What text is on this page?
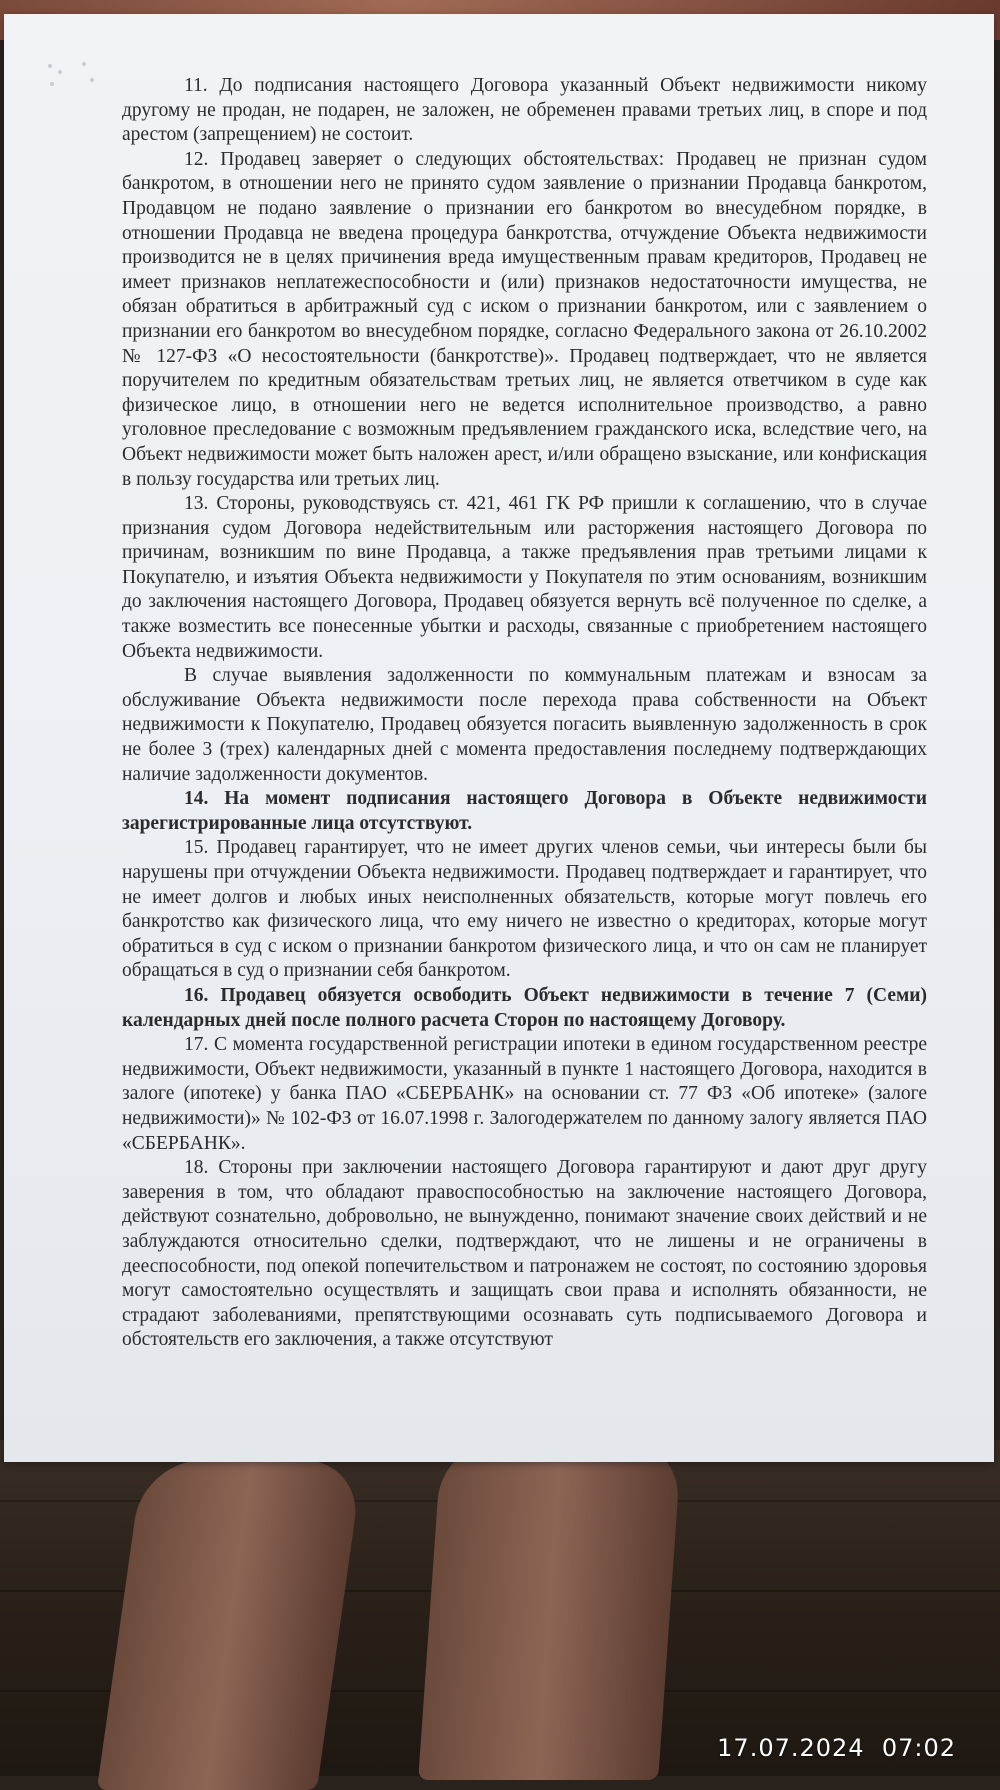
11. До подписания настоящего Договора указанный Объект недвижимости никому другому не продан, не подарен, не заложен, не обременен правами третьих лиц, в споре и под арестом (запрещением) не состоит.

12. Продавец заверяет о следующих обстоятельствах: Продавец не признан судом банкротом, в отношении него не принято судом заявление о признании Продавца банкротом, Продавцом не подано заявление о признании его банкротом во внесудебном порядке, в отношении Продавца не введена процедура банкротства, отчуждение Объекта недвижимости производится не в целях причинения вреда имущественным правам кредиторов, Продавец не имеет признаков неплатежеспособности и (или) признаков недостаточности имущества, не обязан обратиться в арбитражный суд с иском о признании банкротом, или с заявлением о признании его банкротом во внесудебном порядке, согласно Федерального закона от 26.10.2002 № 127-ФЗ «О несостоятельности (банкротстве)». Продавец подтверждает, что не является поручителем по кредитным обязательствам третьих лиц, не является ответчиком в суде как физическое лицо, в отношении него не ведется исполнительное производство, а равно уголовное преследование с возможным предъявлением гражданского иска, вследствие чего, на Объект недвижимости может быть наложен арест, и/или обращено взыскание, или конфискация в пользу государства или третьих лиц.

13. Стороны, руководствуясь ст. 421, 461 ГК РФ пришли к соглашению, что в случае признания судом Договора недействительным или расторжения настоящего Договора по причинам, возникшим по вине Продавца, а также предъявления прав третьими лицами к Покупателю, и изъятия Объекта недвижимости у Покупателя по этим основаниям, возникшим до заключения настоящего Договора, Продавец обязуется вернуть всё полученное по сделке, а также возместить все понесенные убытки и расходы, связанные с приобретением настоящего Объекта недвижимости.

В случае выявления задолженности по коммунальным платежам и взносам за обслуживание Объекта недвижимости после перехода права собственности на Объект недвижимости к Покупателю, Продавец обязуется погасить выявленную задолженность в срок не более 3 (трех) календарных дней с момента предоставления последнему подтверждающих наличие задолженности документов.

14. На момент подписания настоящего Договора в Объекте недвижимости зарегистрированные лица отсутствуют.

15. Продавец гарантирует, что не имеет других членов семьи, чьи интересы были бы нарушены при отчуждении Объекта недвижимости. Продавец подтверждает и гарантирует, что не имеет долгов и любых иных неисполненных обязательств, которые могут повлечь его банкротство как физического лица, что ему ничего не известно о кредиторах, которые могут обратиться в суд с иском о признании банкротом физического лица, и что он сам не планирует обращаться в суд о признании себя банкротом.

16. Продавец обязуется освободить Объект недвижимости в течение 7 (Семи) календарных дней после полного расчета Сторон по настоящему Договору.

17. С момента государственной регистрации ипотеки в едином государственном реестре недвижимости, Объект недвижимости, указанный в пункте 1 настоящего Договора, находится в залоге (ипотеке) у банка ПАО «СБЕРБАНК» на основании ст. 77 ФЗ «Об ипотеке» (залоге недвижимости)» № 102-ФЗ от 16.07.1998 г. Залогодержателем по данному залогу является ПАО «СБЕРБАНК».

18. Стороны при заключении настоящего Договора гарантируют и дают друг другу заверения в том, что обладают правоспособностью на заключение настоящего Договора, действуют сознательно, добровольно, не вынужденно, понимают значение своих действий и не заблуждаются относительно сделки, подтверждают, что не лишены и не ограничены в дееспособности, под опекой попечительством и патронажем не состоят, по состоянию здоровья могут самостоятельно осуществлять и защищать свои права и исполнять обязанности, не страдают заболеваниями, препятствующими осознавать суть подписываемого Договора и обстоятельств его заключения, а также отсутствуют

17.07.2024  07:02
